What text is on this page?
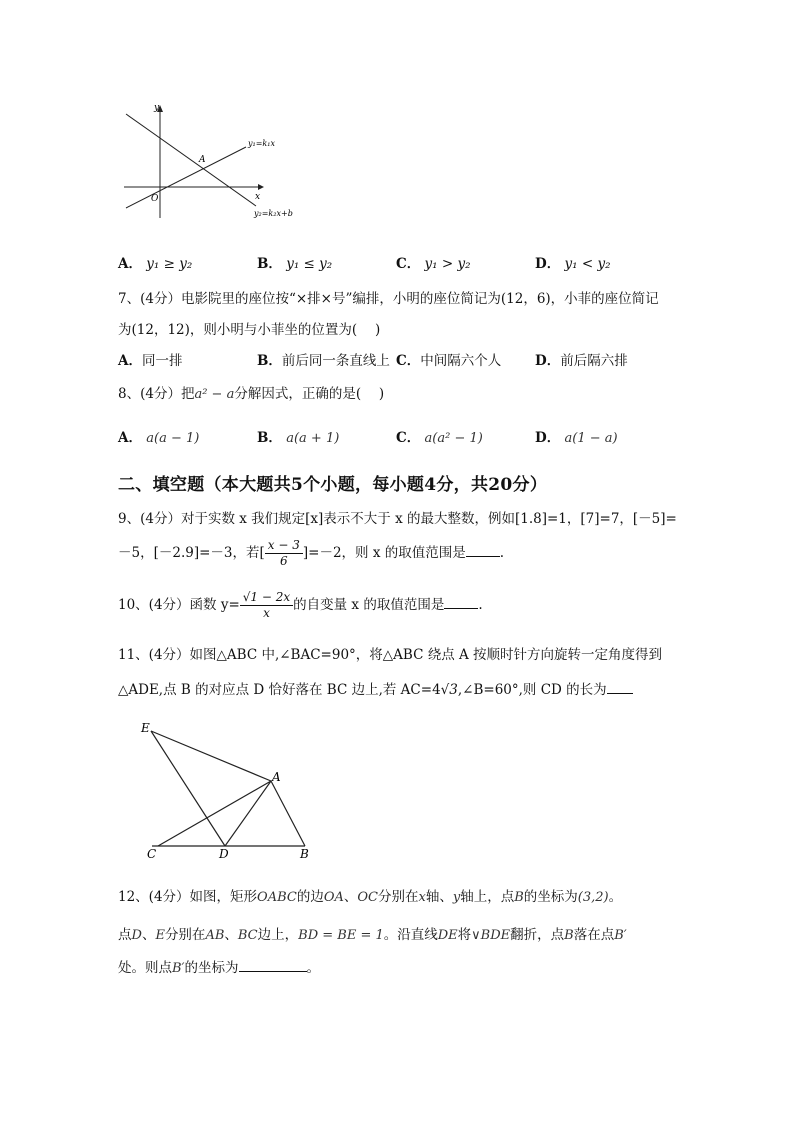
y
x
O
A
y₁=k₁x
y₂=k₂x+b
A． y₁ ≥ y₂	B． y₁ ≤ y₂	C． y₁ > y₂	D． y₁ < y₂
7、(4分）电影院里的座位按“×排×号”编排，小明的座位简记为(12，6)，小菲的座位简记
为(12，12)，则小明与小菲坐的位置为(　 )
A．同一排	B．前后同一条直线上 C．中间隔六个人	D．前后隔六排
8、(4分）把a² − a分解因式，正确的是(　 )
A． a(a − 1)	B． a(a + 1)	C． a(a² − 1)	D． a(1 − a)
二、填空题（本大题共5个小题，每小题4分，共20分）
9、(4分）对于实数 x 我们规定[x]表示不大于 x 的最大整数，例如[1.8]=1，[7]=7，[－5]=
－5，[－2.9]=－3，若[ $\frac{x - 3}{6} ]=-2$，则 x 的取值范围是	.
10、(4分）函数 $y= \frac{√1 - 2x}{x}$ 的自变量 x 的取值范围是	.
11、(4分）如图△ABC 中,∠BAC=90°，将△ABC 绕点 A 按顺时针方向旋转一定角度得到
△ADE,点 B 的对应点 D 恰好落在 BC 边上,若 AC=4√3,∠B=60°,则 CD 的长为
E
A
C	D	B
12、(4分）如图，矩形OABC的边OA、OC分别在x轴、y轴上，点B的坐标为(3,2)。
点D、E分别在AB、BC边上，BD = BE = 1。沿直线DE将∨BDE翻折，点B落在点B′
处。则点B′的坐标为	。
